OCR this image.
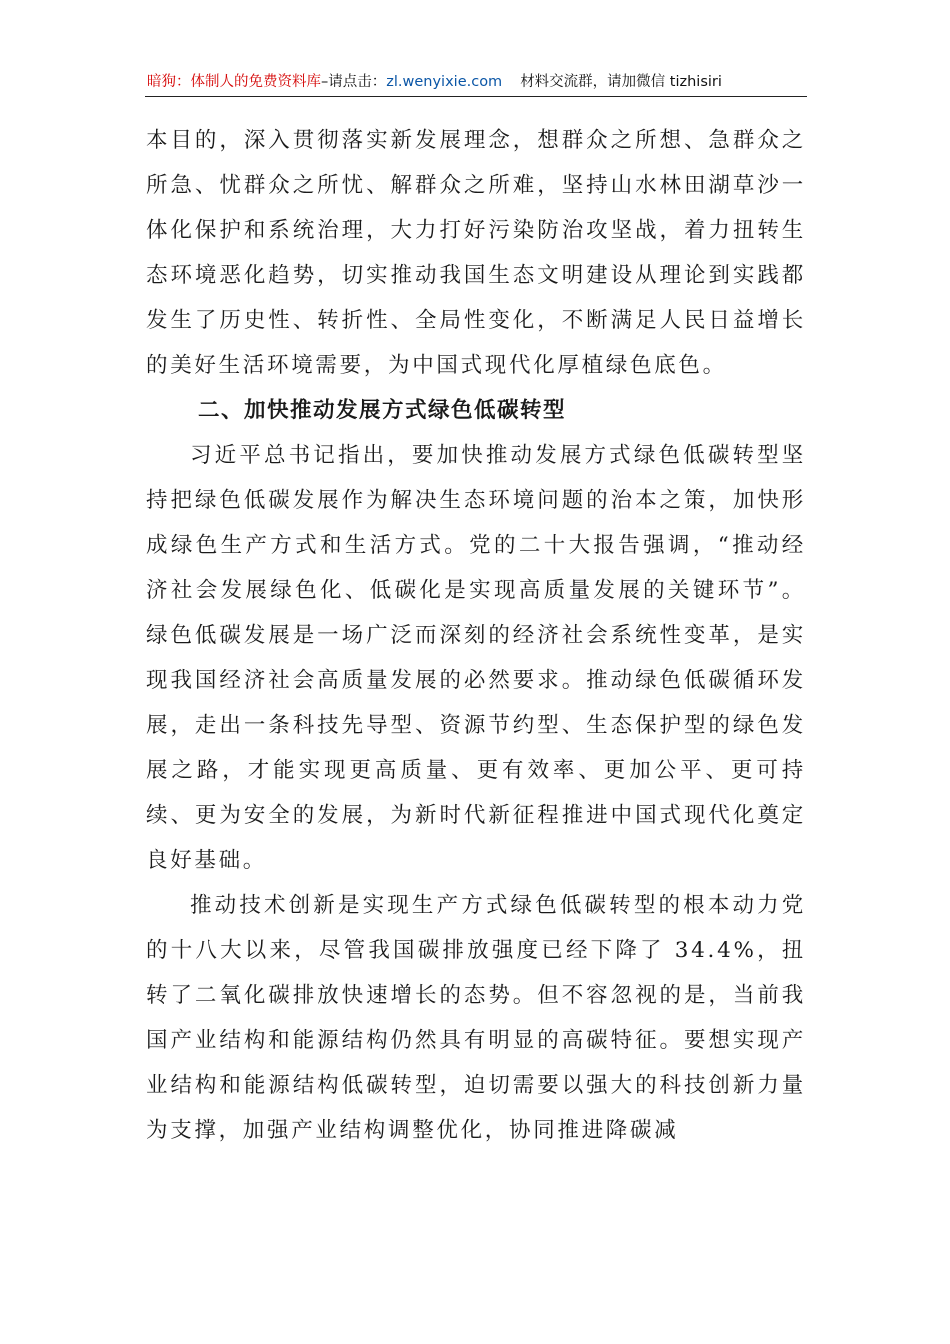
暗狗：体制人的免费资料库–请点击：zl.wenyixie.com 材料交流群，请加微信 tizhisiri

本目的，深入贯彻落实新发展理念，想群众之所想、急群众之所急、忧群众之所忧、解群众之所难，坚持山水林田湖草沙一体化保护和系统治理，大力打好污染防治攻坚战，着力扭转生态环境恶化趋势，切实推动我国生态文明建设从理论到实践都发生了历史性、转折性、全局性变化，不断满足人民日益增长的美好生活环境需要，为中国式现代化厚植绿色底色。

二、加快推动发展方式绿色低碳转型

习近平总书记指出，要加快推动发展方式绿色低碳转型坚持把绿色低碳发展作为解决生态环境问题的治本之策，加快形成绿色生产方式和生活方式。党的二十大报告强调，“推动经济社会发展绿色化、低碳化是实现高质量发展的关键环节”。绿色低碳发展是一场广泛而深刻的经济社会系统性变革，是实现我国经济社会高质量发展的必然要求。推动绿色低碳循环发展，走出一条科技先导型、资源节约型、生态保护型的绿色发展之路，才能实现更高质量、更有效率、更加公平、更可持续、更为安全的发展，为新时代新征程推进中国式现代化奠定良好基础。

推动技术创新是实现生产方式绿色低碳转型的根本动力党的十八大以来，尽管我国碳排放强度已经下降了 34.4%，扭转了二氧化碳排放快速增长的态势。但不容忽视的是，当前我国产业结构和能源结构仍然具有明显的高碳特征。要想实现产业结构和能源结构低碳转型，迫切需要以强大的科技创新力量为支撑，加强产业结构调整优化，协同推进降碳减
